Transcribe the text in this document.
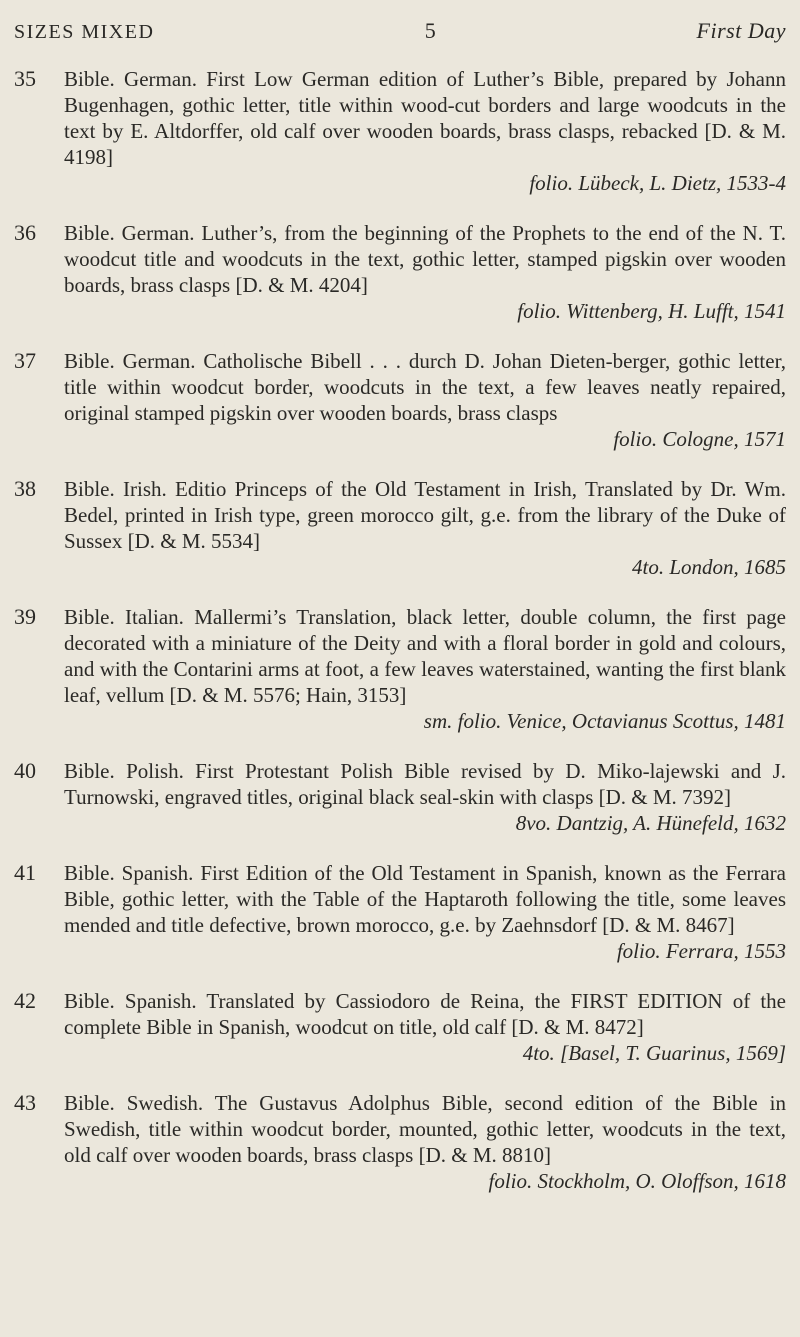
SIZES MIXED	5	First Day
35	Bible. German. First Low German edition of Luther’s Bible, prepared by Johann Bugenhagen, gothic letter, title within wood-cut borders and large woodcuts in the text by E. Altdorffer, old calf over wooden boards, brass clasps, rebacked [D. & M. 4198]
folio. Lübeck, L. Dietz, 1533-4
36	Bible. German. Luther’s, from the beginning of the Prophets to the end of the N. T. woodcut title and woodcuts in the text, gothic letter, stamped pigskin over wooden boards, brass clasps [D. & M. 4204]
folio. Wittenberg, H. Lufft, 1541
37	Bible. German. Catholische Bibell . . . durch D. Johan Dieten-berger, gothic letter, title within woodcut border, woodcuts in the text, a few leaves neatly repaired, original stamped pigskin over wooden boards, brass clasps
folio. Cologne, 1571
38	Bible. Irish. Editio Princeps of the Old Testament in Irish, Translated by Dr. Wm. Bedel, printed in Irish type, green morocco gilt, g.e. from the library of the Duke of Sussex [D. & M. 5534]
4to. London, 1685
39	Bible. Italian. Mallermi’s Translation, black letter, double column, the first page decorated with a miniature of the Deity and with a floral border in gold and colours, and with the Contarini arms at foot, a few leaves waterstained, wanting the first blank leaf, vellum [D. & M. 5576; Hain, 3153]
sm. folio. Venice, Octavianus Scottus, 1481
40	Bible. Polish. First Protestant Polish Bible revised by D. Miko-lajewski and J. Turnowski, engraved titles, original black seal-skin with clasps [D. & M. 7392]
8vo. Dantzig, A. Hünefeld, 1632
41	Bible. Spanish. First Edition of the Old Testament in Spanish, known as the Ferrara Bible, gothic letter, with the Table of the Haptaroth following the title, some leaves mended and title defective, brown morocco, g.e. by Zaehnsdorf [D. & M. 8467]
folio. Ferrara, 1553
42	Bible. Spanish. Translated by Cassiodoro de Reina, the FIRST EDITION of the complete Bible in Spanish, woodcut on title, old calf [D. & M. 8472]
4to. [Basel, T. Guarinus, 1569]
43	Bible. Swedish. The Gustavus Adolphus Bible, second edition of the Bible in Swedish, title within woodcut border, mounted, gothic letter, woodcuts in the text, old calf over wooden boards, brass clasps [D. & M. 8810]
folio. Stockholm, O. Oloffson, 1618
